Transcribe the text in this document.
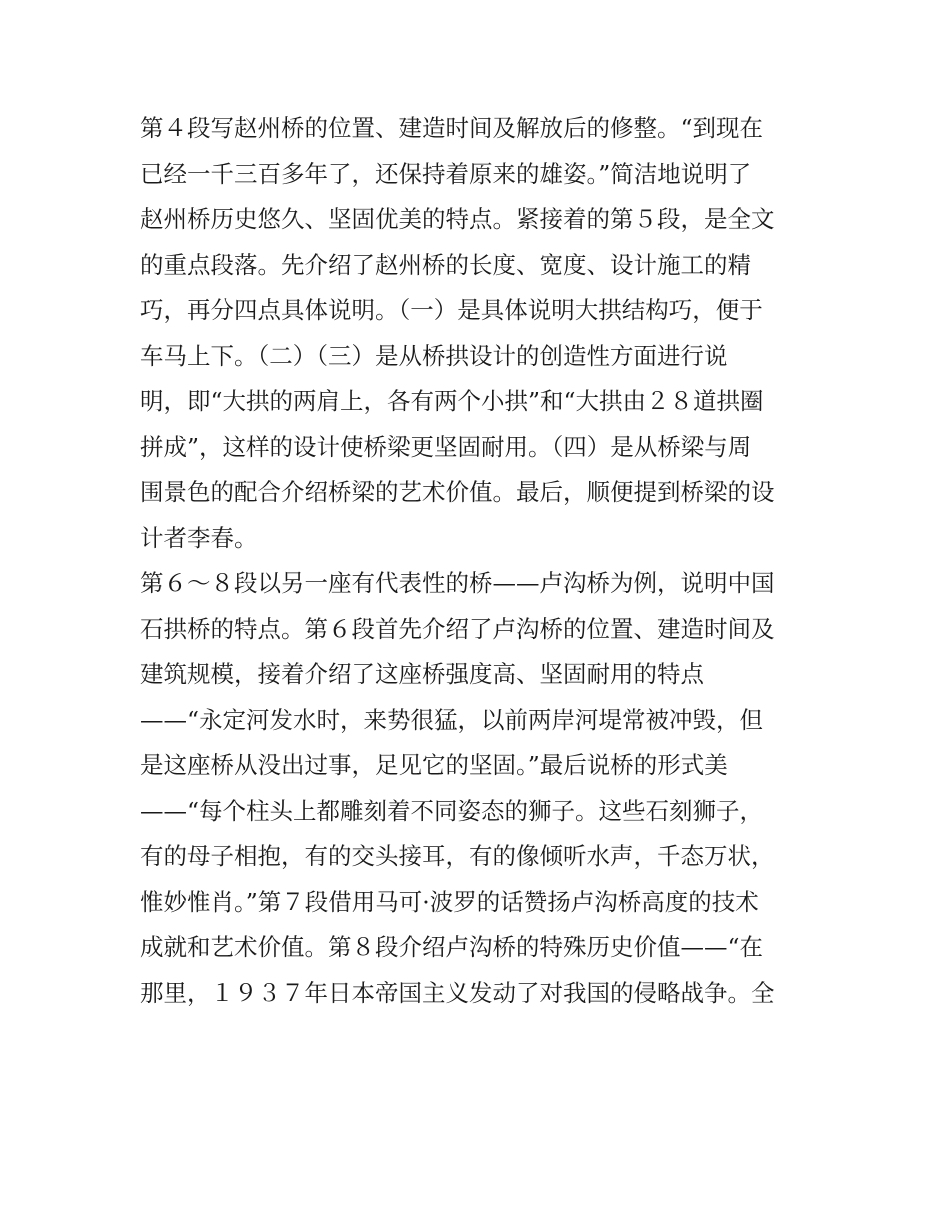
第４段写赵州桥的位置、建造时间及解放后的修整。“到现在
已经一千三百多年了，还保持着原来的雄姿。”简洁地说明了
赵州桥历史悠久、坚固优美的特点。紧接着的第５段，是全文
的重点段落。先介绍了赵州桥的长度、宽度、设计施工的精
巧，再分四点具体说明。（一）是具体说明大拱结构巧，便于
车马上下。（二）（三）是从桥拱设计的创造性方面进行说
明，即“大拱的两肩上，各有两个小拱”和“大拱由２８道拱圈
拼成”，这样的设计使桥梁更坚固耐用。（四）是从桥梁与周
围景色的配合介绍桥梁的艺术价值。最后，顺便提到桥梁的设
计者李春。
第６～８段以另一座有代表性的桥——卢沟桥为例，说明中国
石拱桥的特点。第６段首先介绍了卢沟桥的位置、建造时间及
建筑规模，接着介绍了这座桥强度高、坚固耐用的特点
——“永定河发水时，来势很猛，以前两岸河堤常被冲毁，但
是这座桥从没出过事，足见它的坚固。”最后说桥的形式美
——“每个柱头上都雕刻着不同姿态的狮子。这些石刻狮子，
有的母子相抱，有的交头接耳，有的像倾听水声，千态万状，
惟妙惟肖。”第７段借用马可·波罗的话赞扬卢沟桥高度的技术
成就和艺术价值。第８段介绍卢沟桥的特殊历史价值——“在
那里，１９３７年日本帝国主义发动了对我国的侵略战争。全
